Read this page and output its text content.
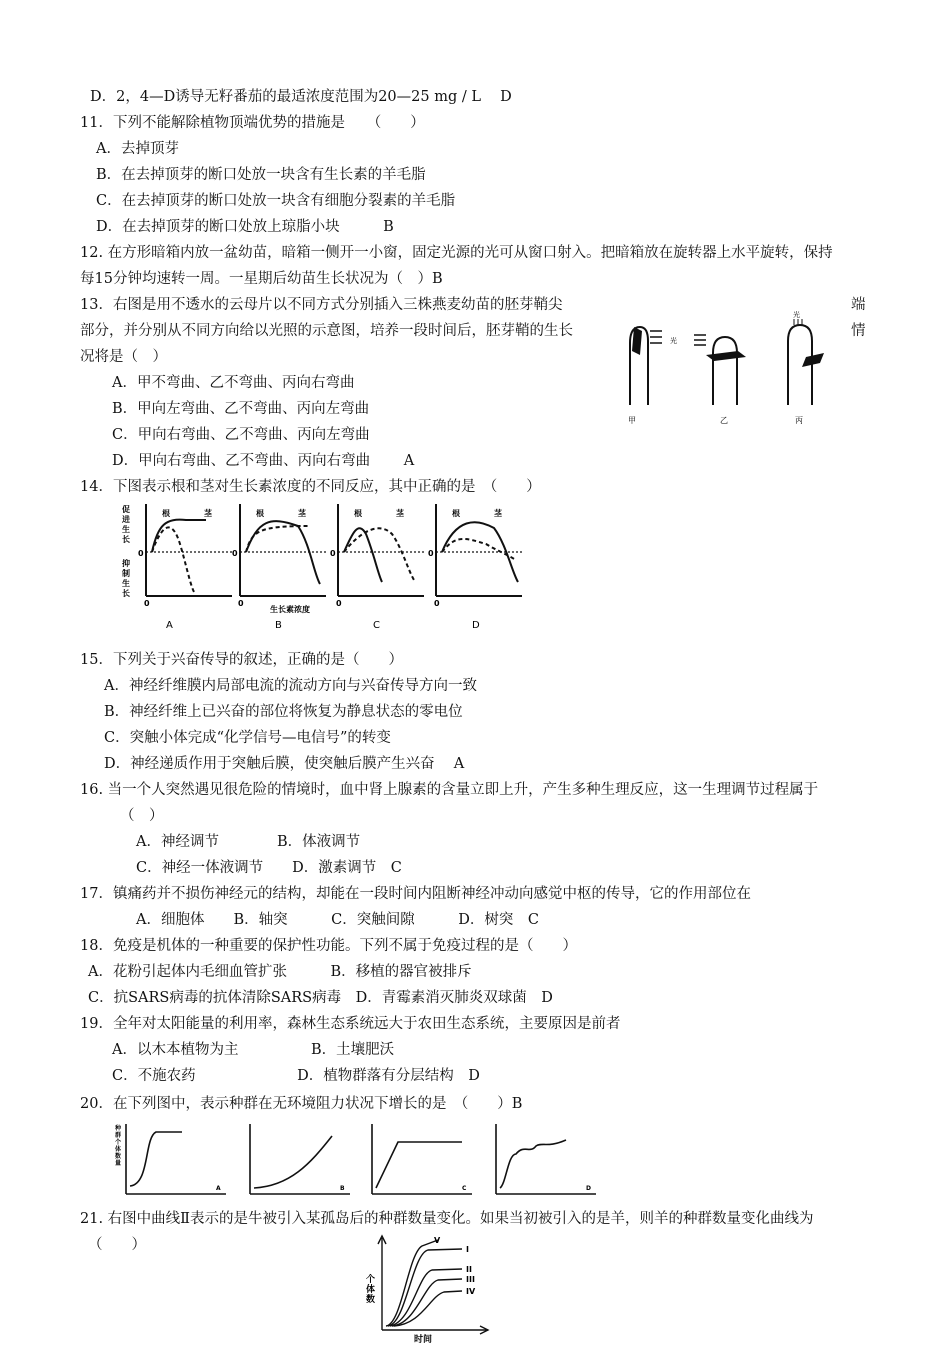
D．2，4—D诱导无籽番茄的最适浓度范围为20—25 mg / L　 D
11．下列不能解除植物顶端优势的措施是　　（　　）
A．去掉顶芽
B．在去掉顶芽的断口处放一块含有生长素的羊毛脂
C．在去掉顶芽的断口处放一块含有细胞分裂素的羊毛脂
D．在去掉顶芽的断口处放上琼脂小块　　　B
12. 在方形暗箱内放一盆幼苗，暗箱一侧开一小窗，固定光源的光可从窗口射入。把暗箱放在旋转器上水平旋转，保持
每15分钟均速转一周。一星期后幼苗生长状况为（　）B
13．右图是用不透水的云母片以不同方式分别插入三株燕麦幼苗的胚芽鞘尖	端
部分，并分别从不同方向给以光照的示意图，培养一段时间后，胚芽鞘的生长	情
况将是（　）
A．甲不弯曲、乙不弯曲、丙向右弯曲
B．甲向左弯曲、乙不弯曲、丙向左弯曲
C．甲向右弯曲、乙不弯曲、丙向左弯曲
D．甲向右弯曲、乙不弯曲、丙向右弯曲　　 A
14．下图表示根和茎对生长素浓度的不同反应，其中正确的是　（　　）
15．下列关于兴奋传导的叙述，正确的是（　　）
A．神经纤维膜内局部电流的流动方向与兴奋传导方向一致
B．神经纤维上已兴奋的部位将恢复为静息状态的零电位
C．突触小体完成“化学信号—电信号”的转变
D．神经递质作用于突触后膜，使突触后膜产生兴奋　 A
16. 当一个人突然遇见很危险的情境时，血中肾上腺素的含量立即上升，产生多种生理反应，这一生理调节过程属于
（　）
A．神经调节　　　　B．体液调节
C．神经一体液调节　　D．激素调节　C
17．镇痛药并不损伤神经元的结构，却能在一段时间内阻断神经冲动向感觉中枢的传导，它的作用部位在
A．细胞体　　B．轴突　　　C．突触间隙　　　D．树突　C
18．免疫是机体的一种重要的保护性功能。下列不属于免疫过程的是（　　）
A．花粉引起体内毛细血管扩张　　　B．移植的器官被排斥
C．抗SARS病毒的抗体清除SARS病毒　D．青霉素消灭肺炎双球菌　D
19．全年对太阳能量的利用率，森林生态系统远大于农田生态系统，主要原因是前者
A．以木本植物为主　　　　　B．土壤肥沃
C．不施农药　　　　　　　D．植物群落有分层结构　D
20．在下列图中，表示种群在无环境阻力状况下增长的是　（　　）B
21. 右图中曲线Ⅱ表示的是牛被引入某孤岛后的种群数量变化。如果当初被引入的是羊，则羊的种群数量变化曲线为
（　　）
光
光
甲	乙	丙
促
进
生
长
抑
制
生
长
生长素浓度
根	茎
0
0
根	茎
0
0
根	茎
0
0
根	茎
0
0
A	B	C	D
种
群
个
体
数
量
A	B	C	D
个
体
数
时间
V
I
II
III
IV
